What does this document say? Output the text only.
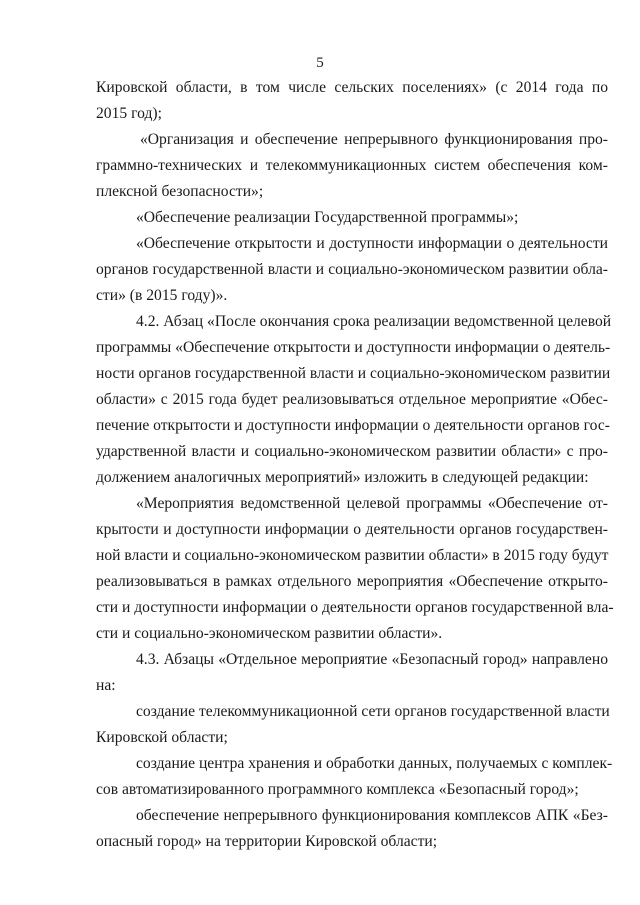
5
Кировской области, в том числе сельских поселениях» (с 2014 года по
2015 год);
«Организация и обеспечение непрерывного функционирования про-
граммно-технических и телекоммуникационных систем обеспечения ком-
плексной безопасности»;
«Обеспечение реализации Государственной программы»;
«Обеспечение открытости и доступности информации о деятельности
органов государственной власти и социально-экономическом развитии обла-
сти» (в 2015 году)».
4.2. Абзац «После окончания срока реализации ведомственной целевой
программы «Обеспечение открытости и доступности информации о деятель-
ности органов государственной власти и социально-экономическом развитии
области» с 2015 года будет реализовываться отдельное мероприятие «Обес-
печение открытости и доступности информации о деятельности органов гос-
ударственной власти и социально-экономическом развитии области» с про-
должением аналогичных мероприятий» изложить в следующей редакции:
«Мероприятия ведомственной целевой программы «Обеспечение от-
крытости и доступности информации о деятельности органов государствен-
ной власти и социально-экономическом развитии области» в 2015 году будут
реализовываться в рамках отдельного мероприятия «Обеспечение открыто-
сти и доступности информации о деятельности органов государственной вла-
сти и социально-экономическом развитии области».
4.3. Абзацы «Отдельное мероприятие «Безопасный город» направлено
на:
создание телекоммуникационной сети органов государственной власти
Кировской области;
создание центра хранения и обработки данных, получаемых с комплек-
сов автоматизированного программного комплекса «Безопасный город»;
обеспечение непрерывного функционирования комплексов АПК «Без-
опасный город» на территории Кировской области;
